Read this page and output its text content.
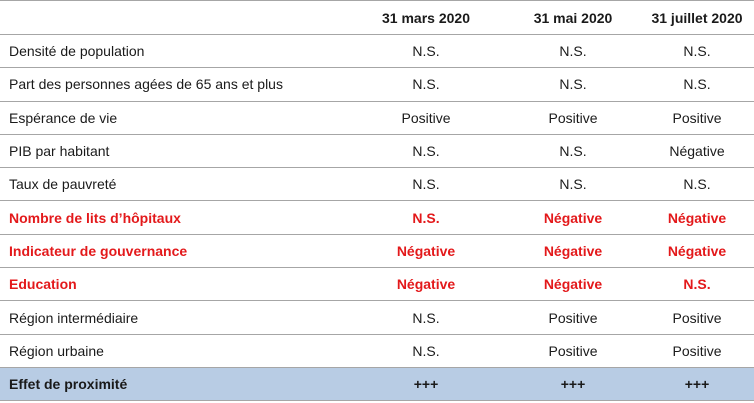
	31 mars 2020	31 mai 2020	31 juillet 2020
Densité de population	N.S.	N.S.	N.S.
Part des personnes agées de 65 ans et plus	N.S.	N.S.	N.S.
Espérance de vie	Positive	Positive	Positive
PIB par habitant	N.S.	N.S.	Négative
Taux de pauvreté	N.S.	N.S.	N.S.
Nombre de lits d’hôpitaux	N.S.	Négative	Négative
Indicateur de gouvernance	Négative	Négative	Négative
Education	Négative	Négative	N.S.
Région intermédiaire	N.S.	Positive	Positive
Région urbaine	N.S.	Positive	Positive
Effet de proximité	+++	+++	+++
